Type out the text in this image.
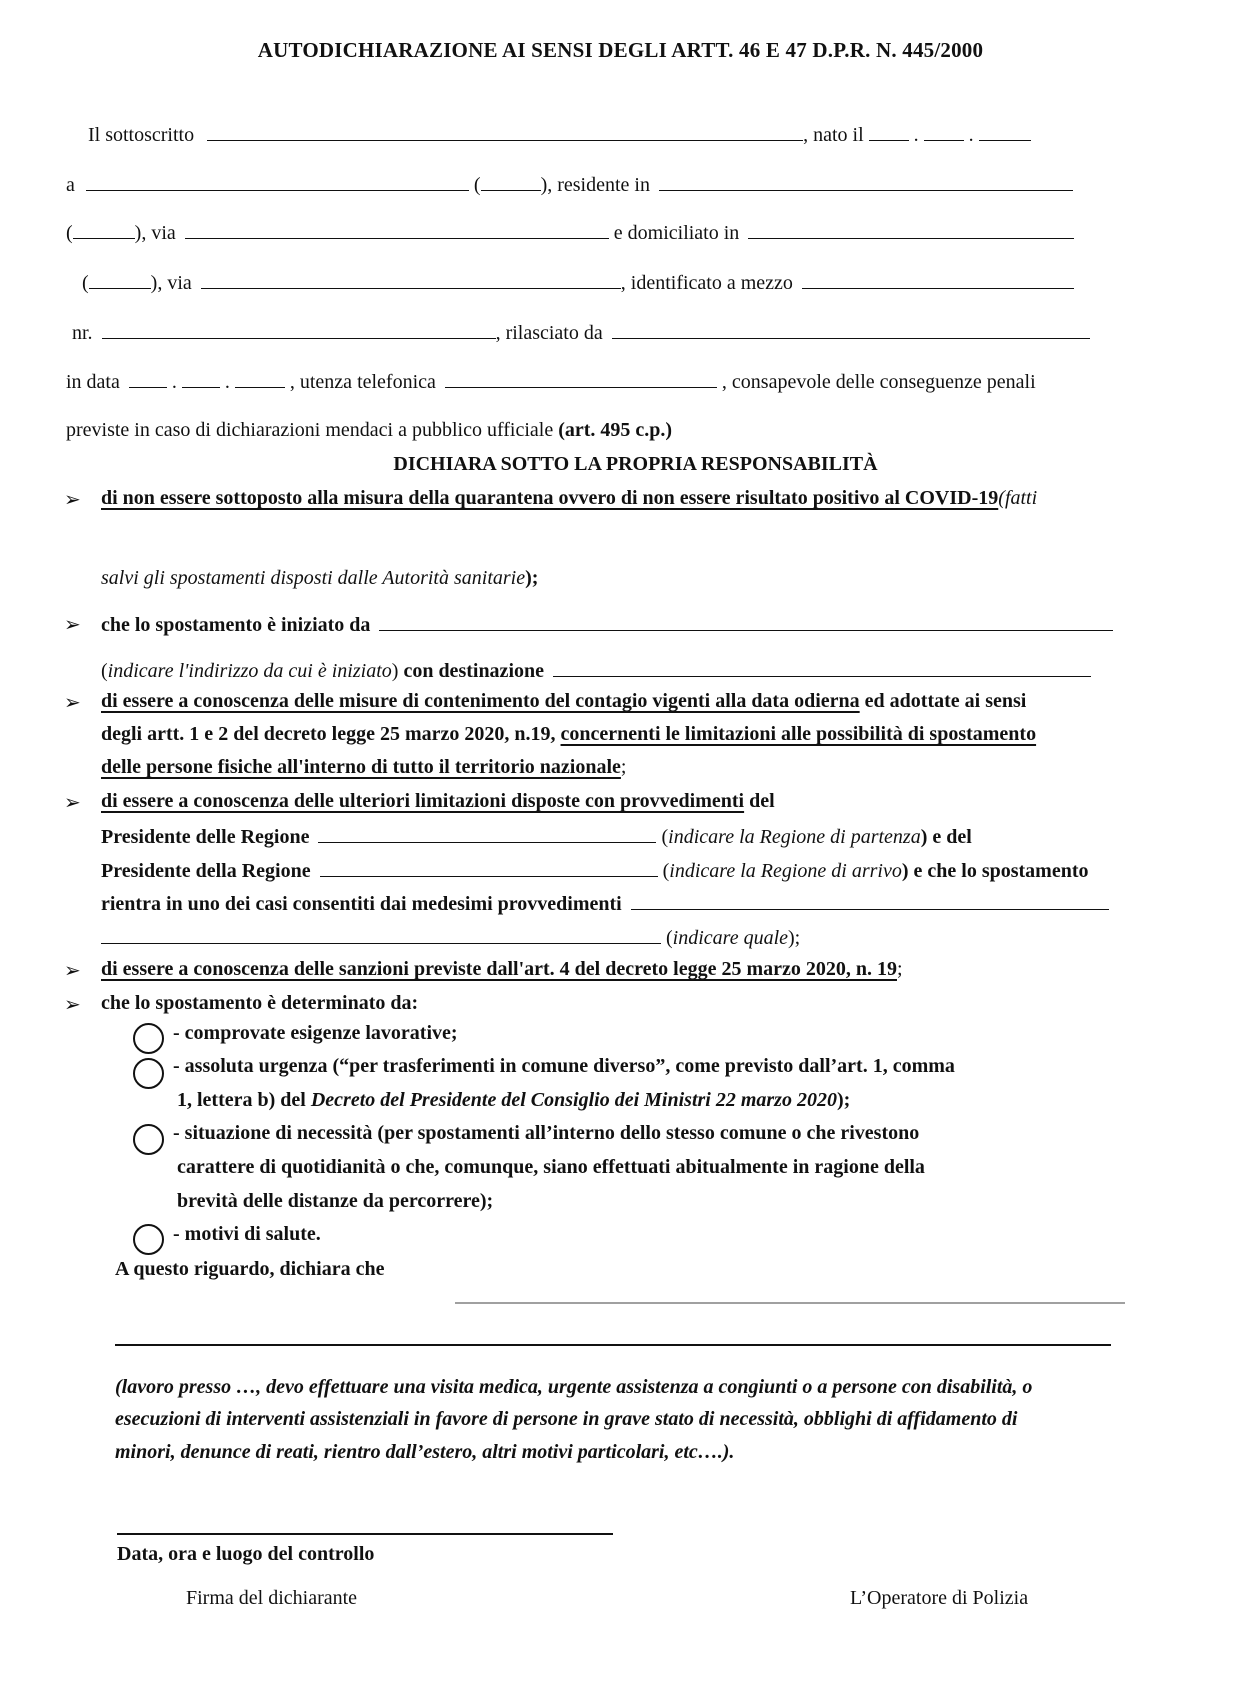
AUTODICHIARAZIONE AI SENSI DEGLI ARTT. 46 E 47 D.P.R. N. 445/2000
Il sottoscritto	, nato il	.	.
a	(	), residente in
(	), via	e domiciliato in
(	), via	, identificato a mezzo
nr.	, rilasciato da
in data	. .	, utenza telefonica	, consapevole delle conseguenze penali
previste in caso di dichiarazioni mendaci a pubblico ufficiale (art. 495 c.p.)
DICHIARA SOTTO LA PROPRIA RESPONSABILITÀ
➢ di non essere sottoposto alla misura della quarantena ovvero di non essere risultato positivo al COVID-19(fatti
salvi gli spostamenti disposti dalle Autorità sanitarie);
➢ che lo spostamento è iniziato da
(indicare l'indirizzo da cui è iniziato) con destinazione
➢ di essere a conoscenza delle misure di contenimento del contagio vigenti alla data odierna ed adottate ai sensi
degli artt. 1 e 2 del decreto legge 25 marzo 2020, n.19, concernenti le limitazioni alle possibilità di spostamento
delle persone fisiche all'interno di tutto il territorio nazionale;
➢ di essere a conoscenza delle ulteriori limitazioni disposte con provvedimenti del
Presidente delle Regione	(indicare la Regione di partenza) e del
Presidente della Regione	(indicare la Regione di arrivo) e che lo spostamento
rientra in uno dei casi consentiti dai medesimi provvedimenti
(indicare quale);
➢ di essere a conoscenza delle sanzioni previste dall'art. 4 del decreto legge 25 marzo 2020, n. 19;
➢ che lo spostamento è determinato da:
- comprovate esigenze lavorative;
- assoluta urgenza (“per trasferimenti in comune diverso”, come previsto dall’art. 1, comma
1, lettera b) del Decreto del Presidente del Consiglio dei Ministri 22 marzo 2020);
- situazione di necessità (per spostamenti all’interno dello stesso comune o che rivestono
carattere di quotidianità o che, comunque, siano effettuati abitualmente in ragione della
brevità delle distanze da percorrere);
- motivi di salute.
A questo riguardo, dichiara che
(lavoro presso …, devo effettuare una visita medica, urgente assistenza a congiunti o a persone con disabilità, o
esecuzioni di interventi assistenziali in favore di persone in grave stato di necessità, obblighi di affidamento di
minori, denunce di reati, rientro dall’estero, altri motivi particolari, etc….).
Data, ora e luogo del controllo
Firma del dichiarante	L’Operatore di Polizia
